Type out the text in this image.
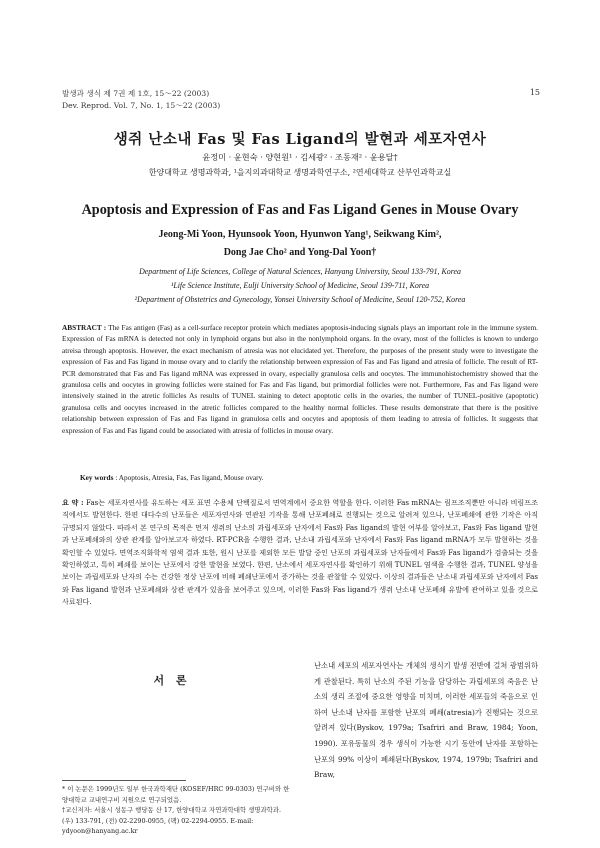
발생과 생식 제 7권 제 1호, 15～22 (2003)
Dev. Reprod. Vol. 7, No. 1, 15～22 (2003)
15
생쥐 난소내 Fas 및 Fas Ligand의 발현과 세포자연사
윤정미 · 윤현숙 · 양현원¹ · 김세광² · 조동재² · 윤용달†
한양대학교 생명과학과, ¹을지의과대학교 생명과학연구소, ²연세대학교 산부인과학교실
Apoptosis and Expression of Fas and Fas Ligand Genes in Mouse Ovary
Jeong-Mi Yoon, Hyunsook Yoon, Hyunwon Yang¹, Seikwang Kim²,
Dong Jae Cho² and Yong-Dal Yoon†
Department of Life Sciences, College of Natural Sciences, Hanyang University, Seoul 133-791, Korea
¹Life Science Institute, Eulji University School of Medicine, Seoul 139-711, Korea
²Department of Obstetrics and Gynecology, Yonsei University School of Medicine, Seoul 120-752, Korea
ABSTRACT : The Fas antigen (Fas) as a cell-surface receptor protein which mediates apoptosis-inducing signals plays an important role in the immune system. Expression of Fas mRNA is detected not only in lymphoid organs but also in the nonlymphoid organs. In the ovary, most of the follicles is known to undergo atreisa through apoptosis. However, the exact mechanism of atresia was not elucidated yet. Therefore, the purposes of the present study were to investigate the expression of Fas and Fas ligand in mouse ovary and to clarify the relationship between expression of Fas and Fas ligand and atresia of follicle. The result of RT-PCR demonstrated that Fas and Fas ligand mRNA was expressed in ovary, especially granulosa cells and oocytes. The immunohistochemistry showed that the granulosa cells and oocytes in growing follicles were stained for Fas and Fas ligand, but primordial follicles were not. Furthermore, Fas and Fas ligand were intensively stained in the atretic follicles As results of TUNEL staining to detect apoptotic cells in the ovaries, the number of TUNEL-positive (apoptotic) granulosa cells and oocytes increased in the atretic follicles compared to the healthy normal follicles. These results demonstrate that there is the positive relationship between expression of Fas and Fas ligand in granulosa cells and oocytes and apoptosis of them leading to atresia of follicles. It suggests that expression of Fas and Fas ligand could be associated with atresia of follicles in mouse ovary.
Key words : Apoptosis, Atresia, Fas, Fas ligand, Mouse ovary.
요 약 : Fas는 세포자연사를 유도하는 세포 표면 수용체 단백질로서 면역계에서 중요한 역할을 한다. 이러한 Fas mRNA는 림프조직뿐만 아니라 비림프조직에서도 발현한다. 한편 대다수의 난포들은 세포자연사와 연관된 기작을 통해 난포폐쇄로 진행되는 것으로 알려져 있으나, 난포폐쇄에 관한 기작은 아직 규명되지 않았다. 따라서 본 연구의 목적은 먼저 생쥐의 난소의 과립세포와 난자에서 Fas와 Fas ligand의 발현 여부를 알아보고, Fas와 Fas ligand 발현과 난포폐쇄와의 상관 관계를 알아보고자 하였다. RT-PCR을 수행한 결과, 난소내 과립세포와 난자에서 Fas와 Fas ligand mRNA가 모두 발현하는 것을 확인할 수 있었다. 면역조직화학적 염색 결과 또한, 원시 난포를 제외한 모든 발달 중인 난포의 과립세포와 난자들에서 Fas와 Fas ligand가 검출되는 것을 확인하였고, 특히 폐쇄를 보이는 난포에서 강한 발현을 보였다. 한편, 난소에서 세포자연사를 확인하기 위해 TUNEL 염색을 수행한 결과, TUNEL 양성을 보이는 과립세포와 난자의 수는 건강한 정상 난포에 비해 폐쇄난포에서 증가하는 것을 관찰할 수 있었다. 이상의 결과들은 난소내 과립세포와 난자에서 Fas와 Fas ligand 발현과 난포폐쇄와 상관 관계가 있음을 보여주고 있으며, 이러한 Fas와 Fas ligand가 생쥐 난소내 난포폐쇄 유발에 관여하고 있을 것으로 사료된다.
서 론
* 이 논문은 1999년도 일부 한국과학재단 (KOSEF/HRC 99-0303) 연구비와 한양대학교 교내연구비 지원으로 연구되었음.
†교신저자: 서울시 성동구 행당동 산 17, 한양대학교 자연과학대학 생명과학과. (우) 133-791, (전) 02-2290-0955, (팩) 02-2294-0955. E-mail: ydyoon@hanyang.ac.kr
난소내 세포의 세포자연사는 개체의 생식기 발생 전반에 걸쳐 광범위하게 관찰된다. 특히 난소의 주된 기능을 담당하는 과립세포의 죽음은 난소의 생리 조절에 중요한 영향을 미치며, 이러한 세포들의 죽음으로 인하여 난소내 난자를 포함한 난포의 폐쇄(atresia)가 진행되는 것으로 알려져 있다(Byskov, 1979a; Tsafriri and Braw, 1984; Yoon, 1990). 포유동물의 경우 생식이 가능한 시기 동안에 난자를 포함하는 난포의 99% 이상이 폐쇄된다(Byskov, 1974, 1979b; Tsafriri and Braw,
